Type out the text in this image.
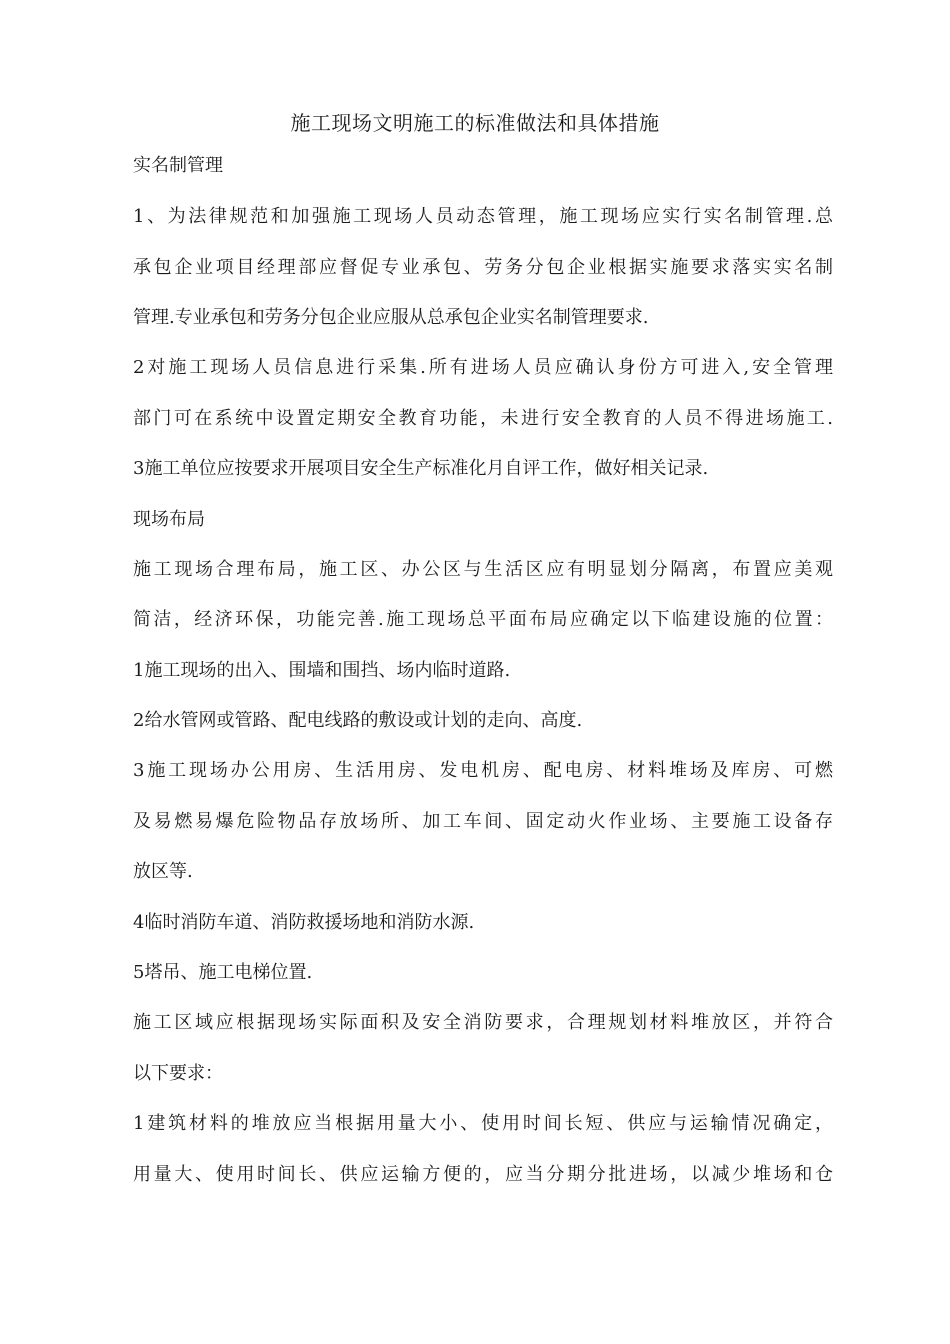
施工现场文明施工的标准做法和具体措施
实名制管理
1、为法律规范和加强施工现场人员动态管理，施工现场应实行实名制管理.总
承包企业项目经理部应督促专业承包、劳务分包企业根据实施要求落实实名制
管理.专业承包和劳务分包企业应服从总承包企业实名制管理要求.
2对施工现场人员信息进行采集.所有进场人员应确认身份方可进入,安全管理
部门可在系统中设置定期安全教育功能，未进行安全教育的人员不得进场施工.
3施工单位应按要求开展项目安全生产标准化月自评工作，做好相关记录.
现场布局
施工现场合理布局，施工区、办公区与生活区应有明显划分隔离，布置应美观
简洁，经济环保，功能完善.施工现场总平面布局应确定以下临建设施的位置：
1施工现场的出入、围墙和围挡、场内临时道路.
2给水管网或管路、配电线路的敷设或计划的走向、高度.
3施工现场办公用房、生活用房、发电机房、配电房、材料堆场及库房、可燃
及易燃易爆危险物品存放场所、加工车间、固定动火作业场、主要施工设备存
放区等.
4临时消防车道、消防救援场地和消防水源.
5塔吊、施工电梯位置.
施工区域应根据现场实际面积及安全消防要求，合理规划材料堆放区，并符合
以下要求：
1建筑材料的堆放应当根据用量大小、使用时间长短、供应与运输情况确定，
用量大、使用时间长、供应运输方便的，应当分期分批进场，以减少堆场和仓
